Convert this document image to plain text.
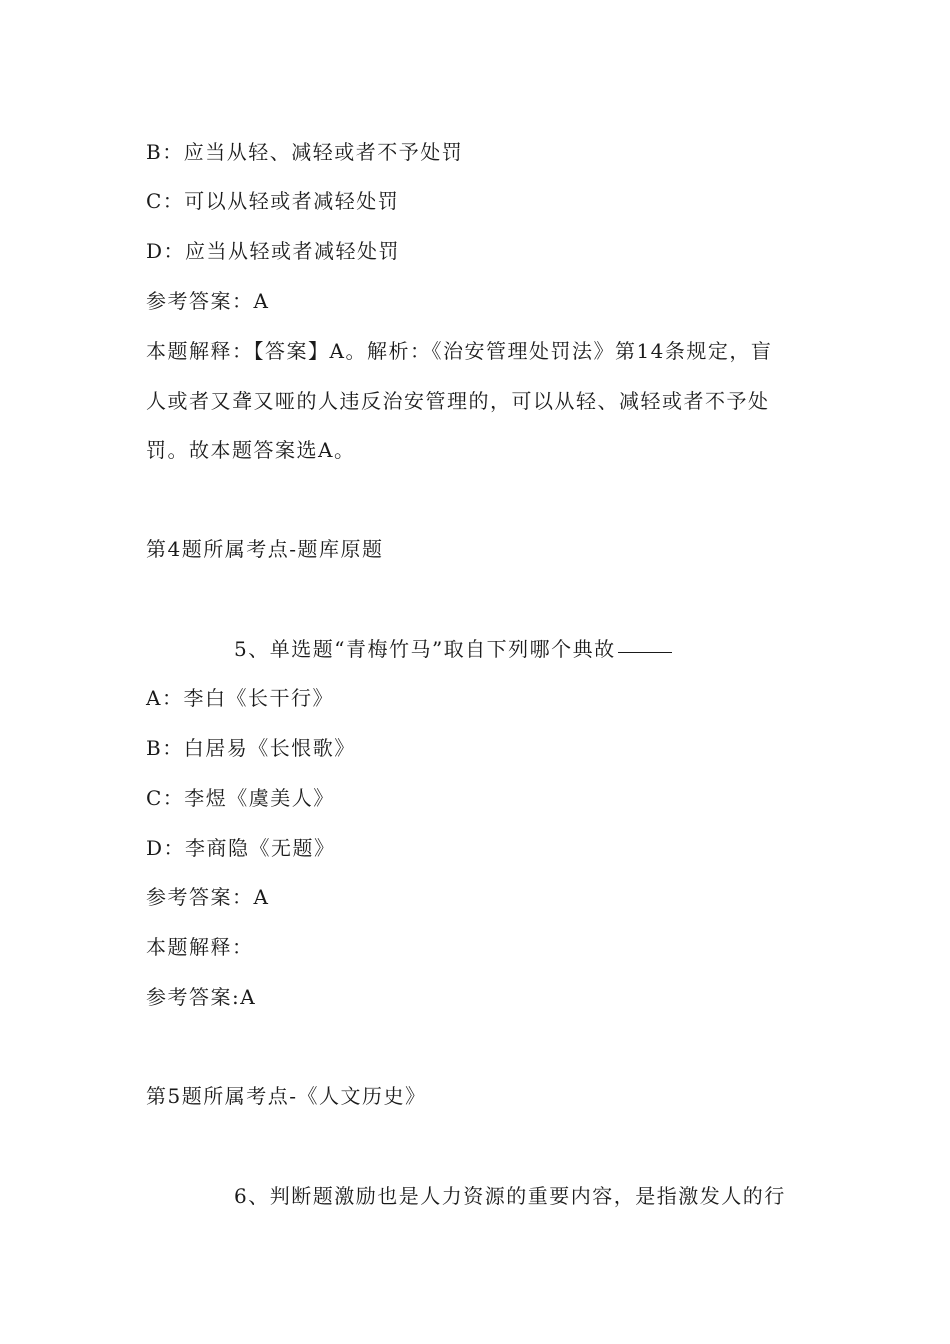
B：应当从轻、减轻或者不予处罚
C：可以从轻或者减轻处罚
D：应当从轻或者减轻处罚
参考答案：A
本题解释：【答案】A。解析：《治安管理处罚法》第14条规定，盲
人或者又聋又哑的人违反治安管理的，可以从轻、减轻或者不予处
罚。故本题答案选A。
第4题所属考点-题库原题
5、单选题“青梅竹马”取自下列哪个典故
A：李白《长干行》
B：白居易《长恨歌》
C：李煜《虞美人》
D：李商隐《无题》
参考答案：A
本题解释：
参考答案:A
第5题所属考点-《人文历史》
6、判断题激励也是人力资源的重要内容，是指激发人的行
